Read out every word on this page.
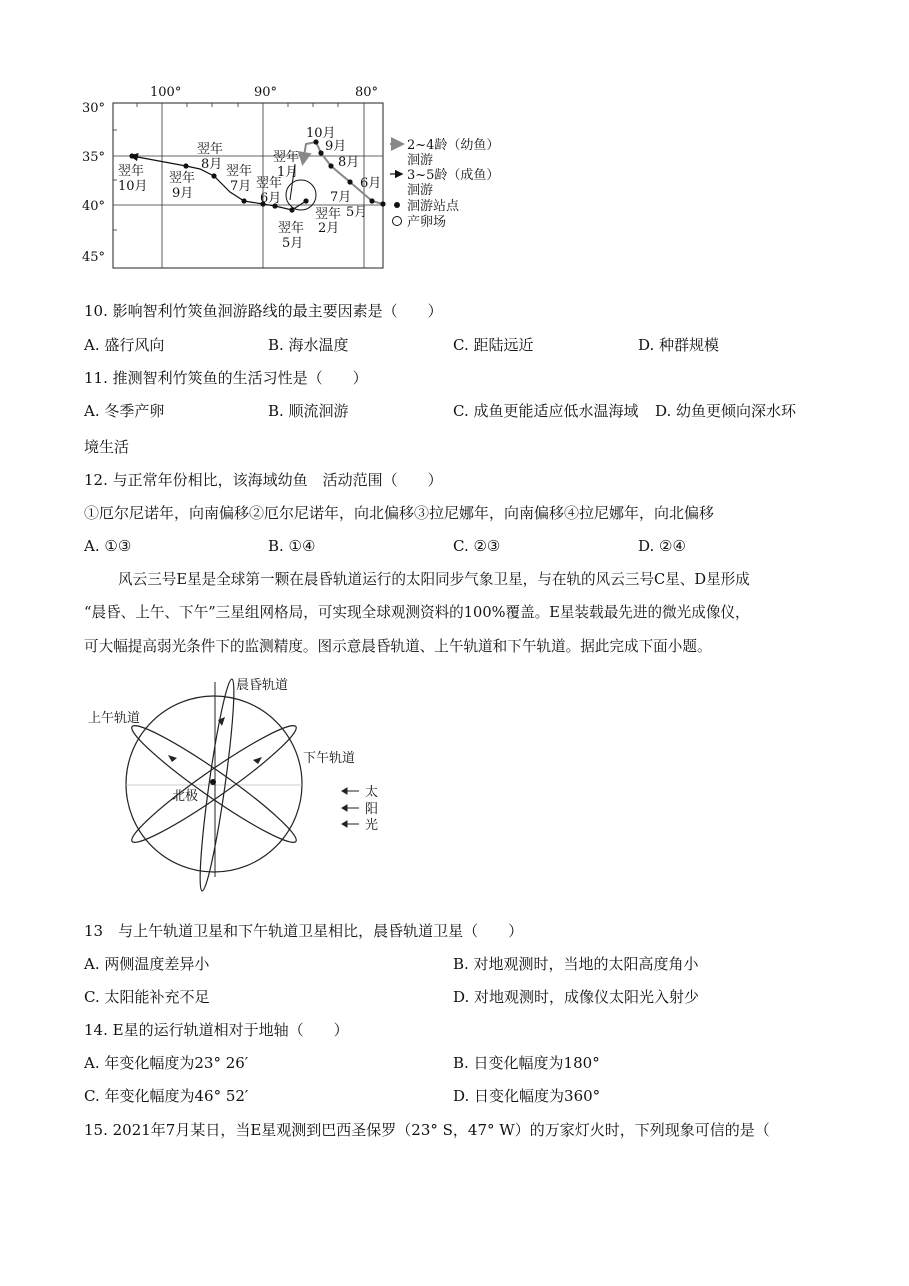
100°	90°	80°
30°
35°
40°
45°
10月
9月
8月
6月
7月
5月
翌年
1月
翌年
2月
翌年
5月
翌年
6月
翌年
7月
翌年
8月
翌年
9月
翌年
10月
2~4龄（幼鱼）
洄游
3~5龄（成鱼）
洄游
洄游站点
产卵场
10. 影响智利竹筴鱼洄游路线的最主要因素是（　　）
A. 盛行风向	B. 海水温度	C. 距陆远近	D. 种群规模
11. 推测智利竹筴鱼的生活习性是（　　）
A. 冬季产卵	B. 顺流洄游	C. 成鱼更能适应低水温海域 D. 幼鱼更倾向深水环
境生活
12. 与正常年份相比，该海域幼鱼　活动范围（　　）
①厄尔尼诺年，向南偏移②厄尔尼诺年，向北偏移③拉尼娜年，向南偏移④拉尼娜年，向北偏移
A. ①③	B. ①④	C. ②③	D. ②④
风云三号E星是全球第一颗在晨昏轨道运行的太阳同步气象卫星，与在轨的风云三号C星、D星形成
“晨昏、上午、下午”三星组网格局，可实现全球观测资料的100%覆盖。E星装载最先进的微光成像仪，
可大幅提高弱光条件下的监测精度。图示意晨昏轨道、上午轨道和下午轨道。据此完成下面小题。
晨昏轨道
上午轨道
下午轨道
北极	太
阳
光
13　与上午轨道卫星和下午轨道卫星相比，晨昏轨道卫星（　　）
A. 两侧温度差异小	B. 对地观测时，当地的太阳高度角小
C. 太阳能补充不足	D. 对地观测时，成像仪太阳光入射少
14. E星的运行轨道相对于地轴（　　）
A. 年变化幅度为23° 26′	B. 日变化幅度为180°
C. 年变化幅度为46° 52′	D. 日变化幅度为360°
15. 2021年7月某日，当E星观测到巴西圣保罗（23° S，47° W）的万家灯火时，下列现象可信的是（
